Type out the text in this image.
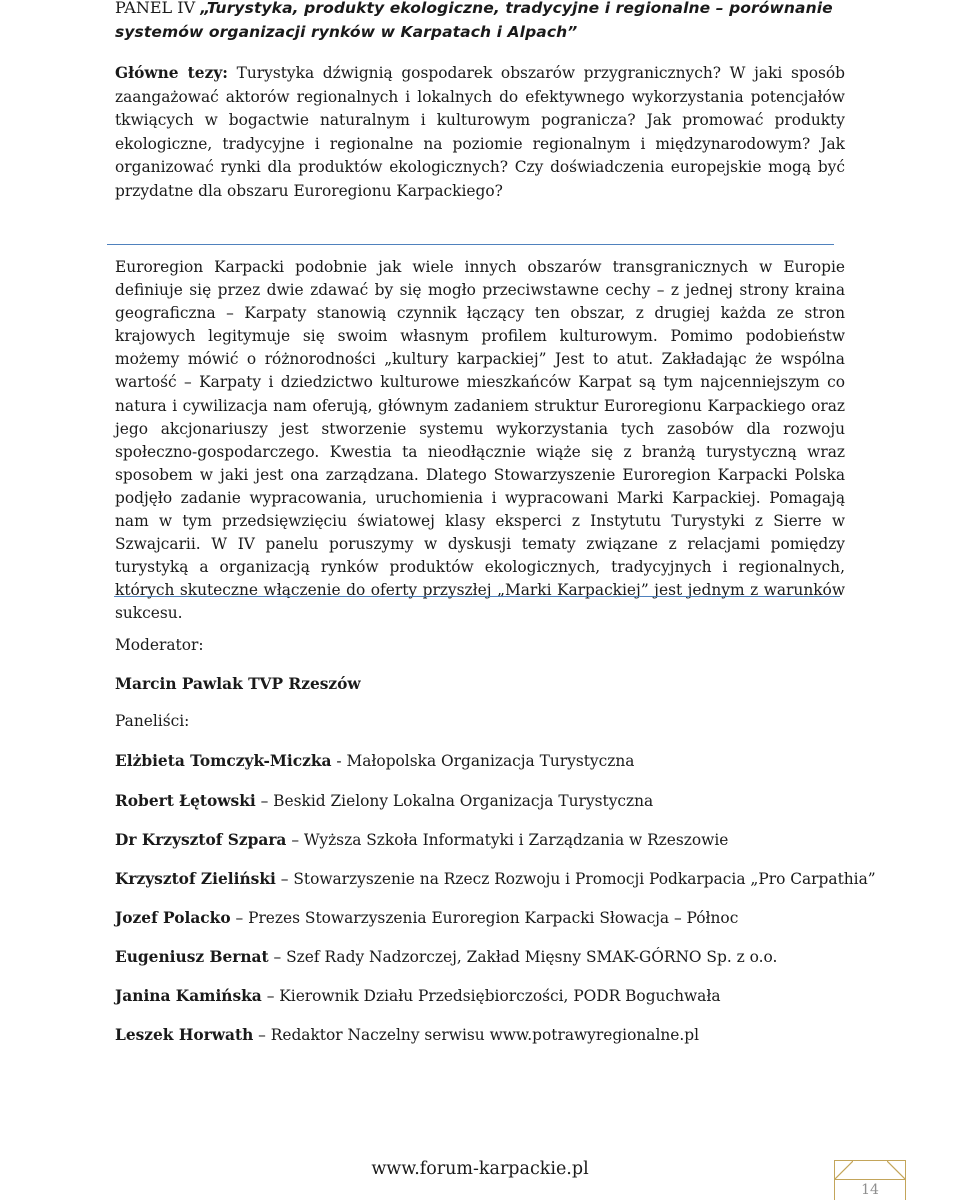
PANEL IV „Turystyka, produkty ekologiczne, tradycyjne i regionalne – porównanie systemów organizacji rynków w Karpatach i Alpach”

Główne tezy: Turystyka dźwignią gospodarek obszarów przygranicznych? W jaki sposób zaangażować aktorów regionalnych i lokalnych do efektywnego wykorzystania potencjałów tkwiących w bogactwie naturalnym i kulturowym pogranicza? Jak promować produkty ekologiczne, tradycyjne i regionalne na poziomie regionalnym i międzynarodowym? Jak organizować rynki dla produktów ekologicznych? Czy doświadczenia europejskie mogą być przydatne dla obszaru Euroregionu Karpackiego?

Euroregion Karpacki podobnie jak wiele innych obszarów transgranicznych w Europie definiuje się przez dwie zdawać by się mogło przeciwstawne cechy – z jednej strony kraina geograficzna – Karpaty stanowią czynnik łączący ten obszar, z drugiej każda ze stron krajowych legitymuje się swoim własnym profilem kulturowym. Pomimo podobieństw możemy mówić o różnorodności „kultury karpackiej” Jest to atut. Zakładając że wspólna wartość – Karpaty i dziedzictwo kulturowe mieszkańców Karpat są tym najcenniejszym co natura i cywilizacja nam oferują, głównym zadaniem struktur Euroregionu Karpackiego oraz jego akcjonariuszy jest stworzenie systemu wykorzystania tych zasobów dla rozwoju społeczno-gospodarczego. Kwestia ta nieodłącznie wiąże się z branżą turystyczną wraz sposobem w jaki jest ona zarządzana. Dlatego Stowarzyszenie Euroregion Karpacki Polska podjęło zadanie wypracowania, uruchomienia i wypracowani Marki Karpackiej. Pomagają nam w tym przedsięwzięciu światowej klasy eksperci z Instytutu Turystyki z Sierre w Szwajcarii. W IV panelu poruszymy w dyskusji tematy związane z relacjami pomiędzy turystyką a organizacją rynków produktów ekologicznych, tradycyjnych i regionalnych, których skuteczne włączenie do oferty przyszłej „Marki Karpackiej” jest jednym z warunków sukcesu.

Moderator:

Marcin Pawlak TVP Rzeszów

Paneliści:

Elżbieta Tomczyk-Miczka - Małopolska Organizacja Turystyczna

Robert Łętowski – Beskid Zielony Lokalna Organizacja Turystyczna

Dr Krzysztof Szpara – Wyższa Szkoła Informatyki i Zarządzania w Rzeszowie

Krzysztof Zieliński – Stowarzyszenie na Rzecz Rozwoju i Promocji Podkarpacia „Pro Carpathia”

Jozef Polacko – Prezes Stowarzyszenia Euroregion Karpacki Słowacja – Północ

Eugeniusz Bernat – Szef Rady Nadzorczej, Zakład Mięsny SMAK-GÓRNO Sp. z o.o.

Janina Kamińska – Kierownik Działu Przedsiębiorczości, PODR Boguchwała

Leszek Horwath – Redaktor Naczelny serwisu www.potrawyregionalne.pl

www.forum-karpackie.pl

14
